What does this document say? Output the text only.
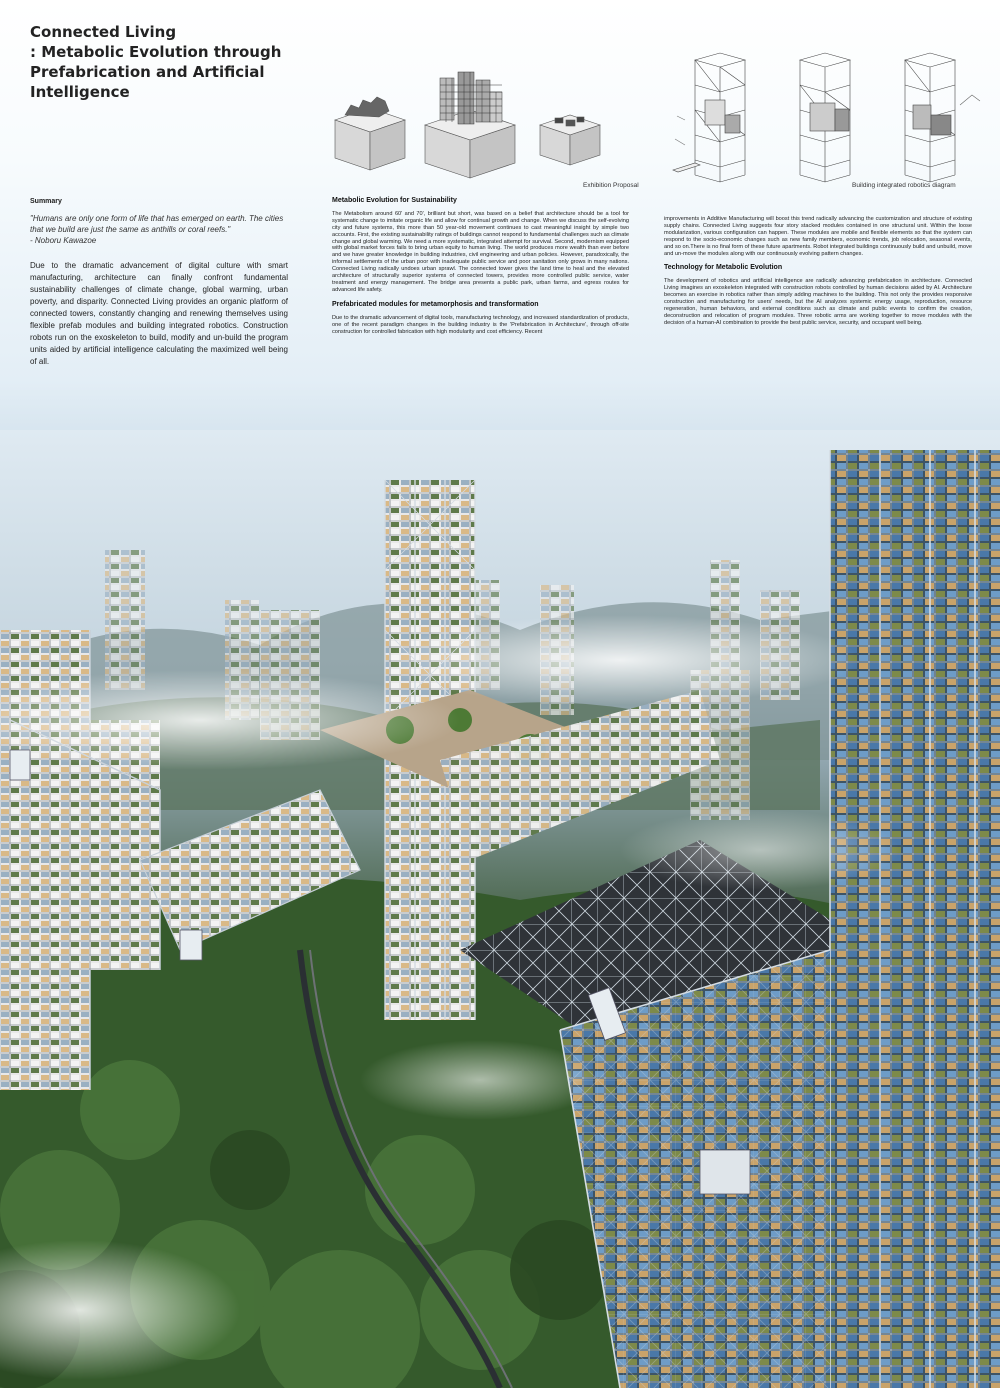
Connected Living
: Metabolic Evolution through
Prefabrication and Artificial
Intelligence
Exhibition Proposal	Building integrated robotics diagram
Summary
"Humans are only one form of life that has emerged on earth. The cities that we build are just the same as anthills or coral reefs."
- Noboru Kawazoe
Due to the dramatic advancement of digital culture with smart manufacturing, architecture can finally confront fundamental sustainability challenges of climate change, global warming, urban poverty, and disparity. Connected Living provides an organic platform of connected towers, constantly changing and renewing themselves using flexible prefab modules and building integrated robotics. Construction robots run on the exoskeleton to build, modify and un-build the program units aided by artificial intelligence calculating the maximized well being of all.
Metabolic Evolution for Sustainability

The Metabolism around 60' and 70', brilliant but short, was based on a belief that architecture should be a tool for systematic change to imitate organic life and allow for continual growth and change. When we discuss the self-evolving city and future systems, this more than 50 year-old movement continues to cast meaningful insight by simple two accounts. First, the existing sustainability ratings of buildings cannot respond to fundamental challenges such as climate change and global warming. We need a more systematic, integrated attempt for survival. Second, modernism equipped with global market forces fails to bring urban equity to human living. The world produces more wealth than ever before and we have greater knowledge in building industries, civil engineering and urban policies. However, paradoxically, the informal settlements of the urban poor with inadequate public service and poor sanitation only grows in many nations. Connected Living radically undoes urban sprawl. The connected tower gives the land time to heal and the elevated architecture of structurally superior systems of connected towers, provides more controlled public service, water treatment and energy management. The bridge area presents a public park, urban farms, and egress routes for advanced life safety.

Prefabricated modules for metamorphosis and transformation

Due to the dramatic advancement of digital tools, manufacturing technology, and increased standardization of products, one of the recent paradigm changes in the building industry is the 'Prefabrication in Architecture', through off-site construction for controlled fabrication with high modularity and cost efficiency. Recent

improvements in Additive Manufacturing will boost this trend radically advancing the customization and structure of existing supply chains. Connected Living suggests four story stacked modules contained in one structural unit. Within the loose modularization, various configuration can happen. These modules are mobile and flexible elements so that the system can respond to the socio-economic changes such as new family members, economic trends, job relocation, seasonal events, and so on.There is no final form of these future apartments. Robot integrated buildings continuously build and unbuild, move and un-move the modules along with our continuously evolving pattern changes.

Technology for Metabolic Evolution

The development of robotics and artificial intelligence are radically advancing prefabrication in architecture. Connected Living imagines an exoskeleton integrated with construction robots controlled by human decisions aided by AI. Architecture becomes an exercise in robotics rather than simply adding machines to the building. This not only the provides responsive construction and manufacturing for users' needs, but the AI analyzes systemic energy usage, reproduction, resource regeneration, human behaviors, and external conditions such as climate and public events to confirm the creation, deconstruction and relocation of program modules. Three robotic arms are working together to move modules with the decision of a human-AI combination to provide the best public service, security, and occupant well being.
